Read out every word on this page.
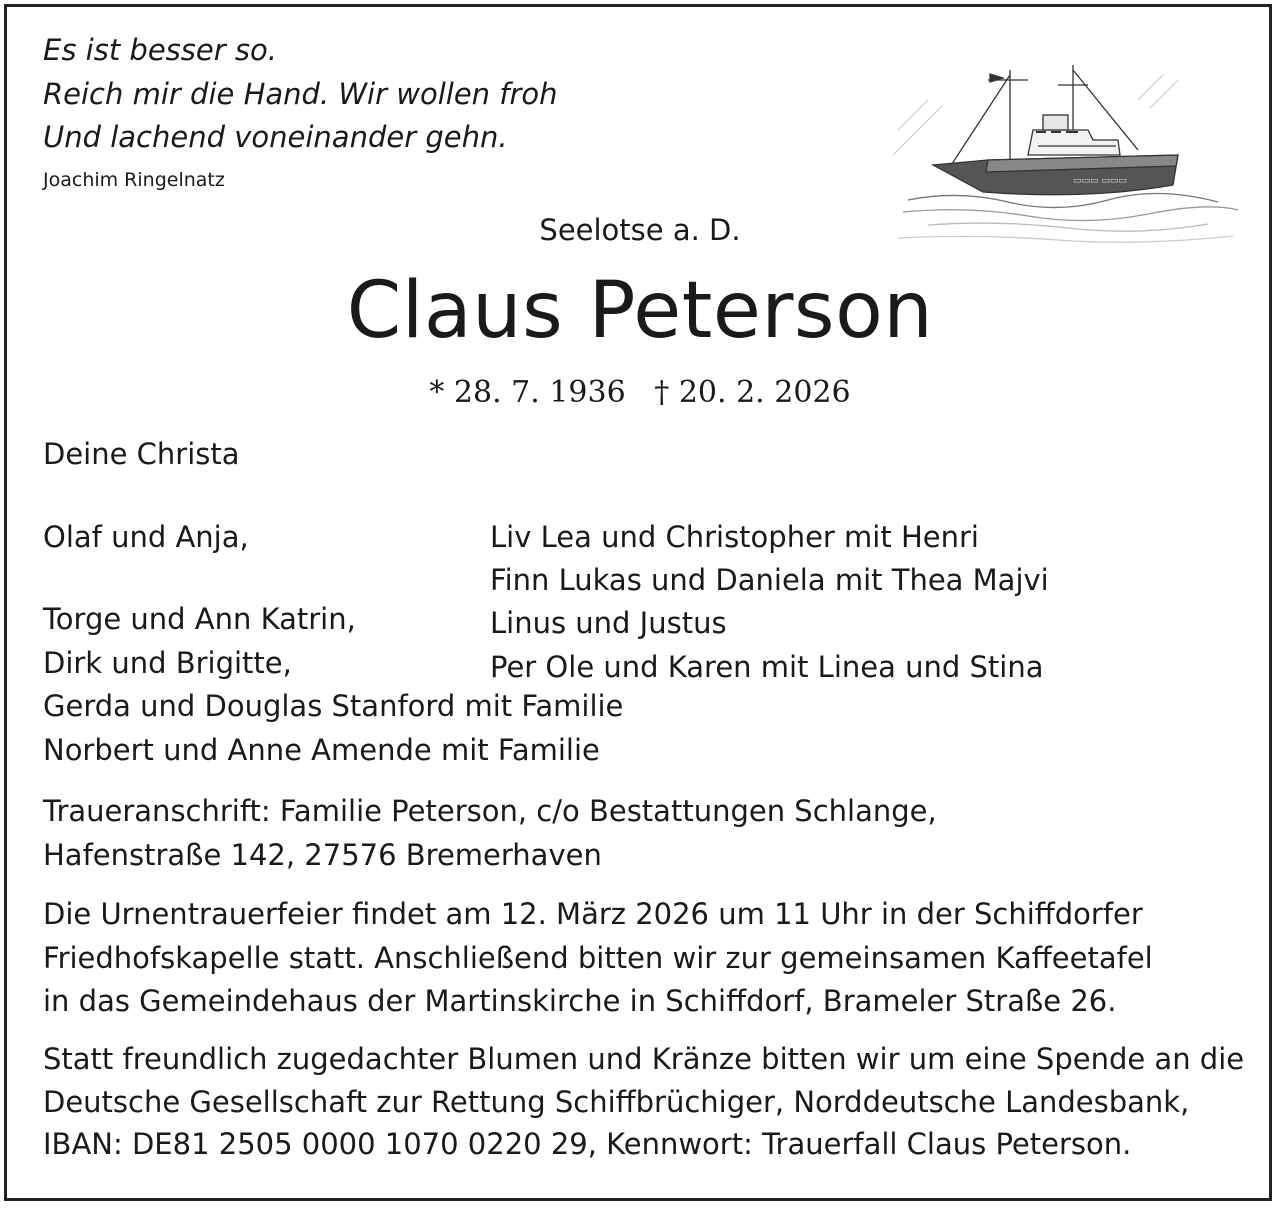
Es ist besser so.
Reich mir die Hand. Wir wollen froh
Und lachend voneinander gehn.
Joachim Ringelnatz	▭▭▭ ▭▭▭
Seelotse a. D.
Claus Peterson
* 28. 7. 1936 † 20. 2. 2026
Deine Christa
Olaf und Anja,
Torge und Ann Katrin,
Dirk und Brigitte,
Liv Lea und Christopher mit Henri
Finn Lukas und Daniela mit Thea Majvi
Linus und Justus
Per Ole und Karen mit Linea und Stina
Gerda und Douglas Stanford mit Familie
Norbert und Anne Amende mit Familie
Traueranschrift: Familie Peterson, c/o Bestattungen Schlange,
Hafenstraße 142, 27576 Bremerhaven
Die Urnentrauerfeier findet am 12. März 2026 um 11 Uhr in der Schiffdorfer
Friedhofskapelle statt. Anschließend bitten wir zur gemeinsamen Kaffeetafel
in das Gemeindehaus der Martinskirche in Schiffdorf, Brameler Straße 26.
Statt freundlich zugedachter Blumen und Kränze bitten wir um eine Spende an die
Deutsche Gesellschaft zur Rettung Schiffbrüchiger, Norddeutsche Landesbank,
IBAN: DE81 2505 0000 1070 0220 29, Kennwort: Trauerfall Claus Peterson.
